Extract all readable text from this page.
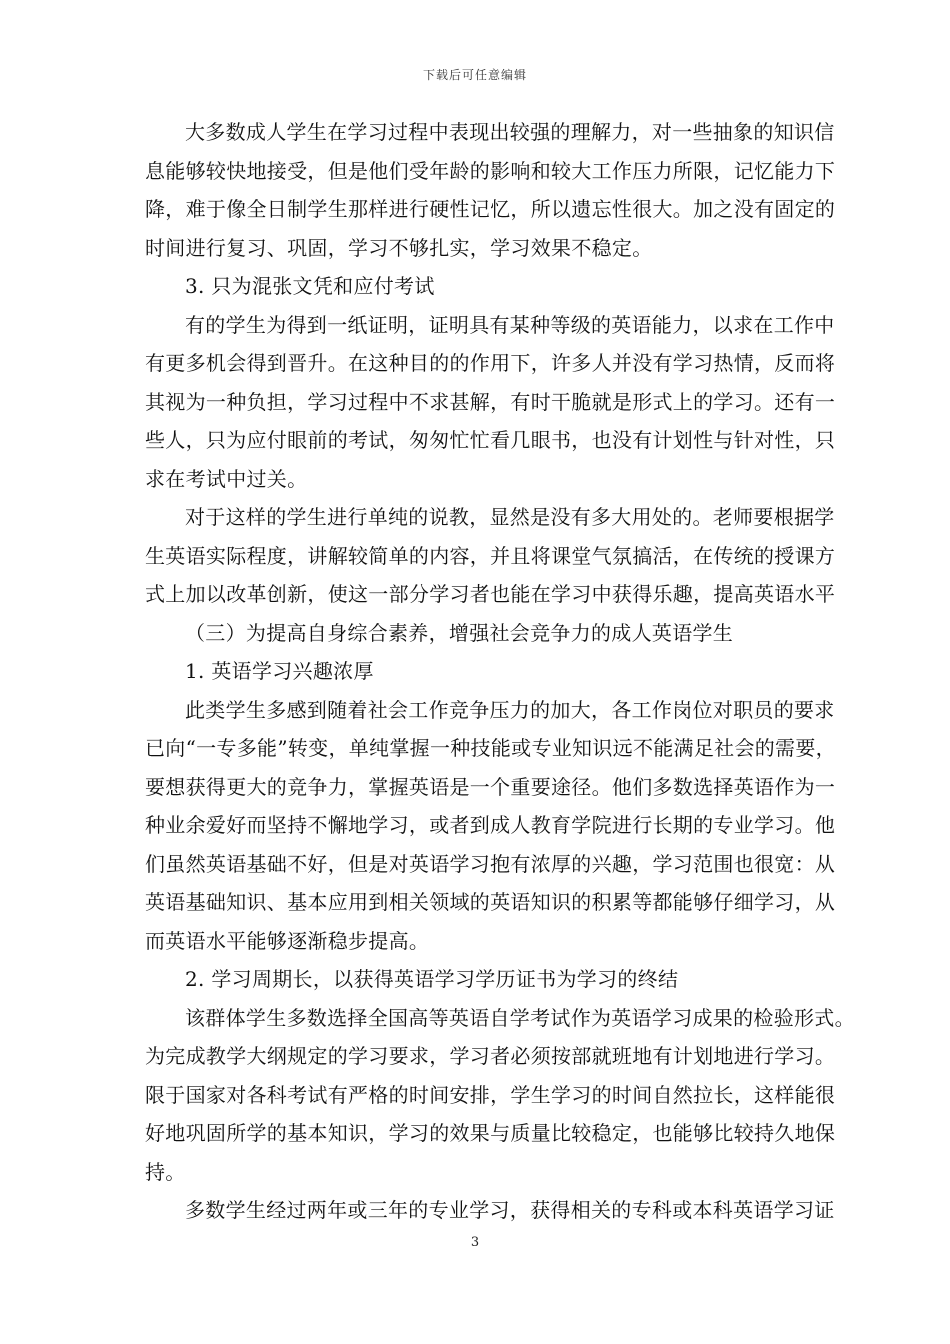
下载后可任意编辑
大多数成人学生在学习过程中表现出较强的理解力，对一些抽象的知识信
息能够较快地接受，但是他们受年龄的影响和较大工作压力所限，记忆能力下
降，难于像全日制学生那样进行硬性记忆，所以遗忘性很大。加之没有固定的
时间进行复习、巩固，学习不够扎实，学习效果不稳定。
3. 只为混张文凭和应付考试
有的学生为得到一纸证明，证明具有某种等级的英语能力，以求在工作中
有更多机会得到晋升。在这种目的的作用下，许多人并没有学习热情，反而将
其视为一种负担，学习过程中不求甚解，有时干脆就是形式上的学习。还有一
些人，只为应付眼前的考试，匆匆忙忙看几眼书，也没有计划性与针对性，只
求在考试中过关。
对于这样的学生进行单纯的说教，显然是没有多大用处的。老师要根据学
生英语实际程度，讲解较简单的内容，并且将课堂气氛搞活，在传统的授课方
式上加以改革创新，使这一部分学习者也能在学习中获得乐趣，提高英语水平
（三）为提高自身综合素养，增强社会竞争力的成人英语学生
1. 英语学习兴趣浓厚
此类学生多感到随着社会工作竞争压力的加大，各工作岗位对职员的要求
已向“一专多能”转变，单纯掌握一种技能或专业知识远不能满足社会的需要，
要想获得更大的竞争力，掌握英语是一个重要途径。他们多数选择英语作为一
种业余爱好而坚持不懈地学习，或者到成人教育学院进行长期的专业学习。他
们虽然英语基础不好，但是对英语学习抱有浓厚的兴趣，学习范围也很宽：从
英语基础知识、基本应用到相关领域的英语知识的积累等都能够仔细学习，从
而英语水平能够逐渐稳步提高。
2. 学习周期长，以获得英语学习学历证书为学习的终结
该群体学生多数选择全国高等英语自学考试作为英语学习成果的检验形式。
为完成教学大纲规定的学习要求，学习者必须按部就班地有计划地进行学习。
限于国家对各科考试有严格的时间安排，学生学习的时间自然拉长，这样能很
好地巩固所学的基本知识，学习的效果与质量比较稳定，也能够比较持久地保
持。
多数学生经过两年或三年的专业学习，获得相关的专科或本科英语学习证
3
